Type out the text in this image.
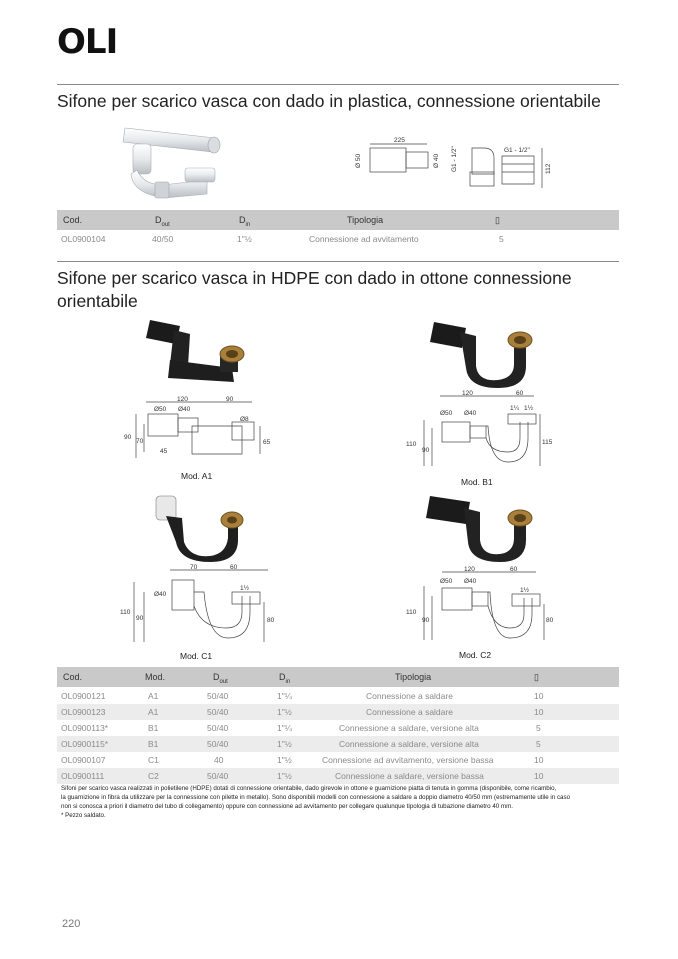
OLI
Sifone per scarico vasca con dado in plastica, connessione orientabile
225
Ø 50	Ø 40 G1 - 1/2"	G1 - 1/2"
112
Cod.	$D_{out}$	$D_{in}$	Tipologia	▯
OL0900104	40/50	1"½	Connessione ad avvitamento	5
Sifone per scarico vasca in HDPE con dado in ottone connessione
orientabile
120	90
Ø50 Ø40
Ø8
90
70
45
65
Mod. A1
120	60
Ø50 Ø40
1¼ 1½
110
90
115
Mod. B1
70	60
Ø40
1½
110
90	80
Mod. C1
120	60
Ø50 Ø40
1½
110
90	80
Mod. C2
Cod.	Mod.	$D_{out}$	$D_{in}$	Tipologia	▯
OL0900121	A1	50/40	1"¼	Connessione a saldare	10
OL0900123	A1	50/40	1"½	Connessione a saldare	10
OL0900113*	B1	50/40	1"¼	Connessione a saldare, versione alta	5
OL0900115*	B1	50/40	1"½	Connessione a saldare, versione alta	5
OL0900107	C1	40	1"½	Connessione ad avvitamento, versione bassa	10
OL0900111	C2	50/40	1"½	Connessione a saldare, versione bassa	10
Sifoni per scarico vasca realizzati in polietilene (HDPE) dotati di connessione orientabile, dado girevole in ottone e guarnizione piatta di tenuta in gomma (disponibile, come ricambio,
la guarnizione in fibra da utilizzare per la connessione con pilette in metallo). Sono disponibili modelli con connessione a saldare a doppio diametro 40/50 mm (estremamente utile in caso
non si conosca a priori il diametro del tubo di collegamento) oppure con connessione ad avvitamento per collegare qualunque tipologia di tubazione diametro 40 mm.
* Pezzo saldato.
220
